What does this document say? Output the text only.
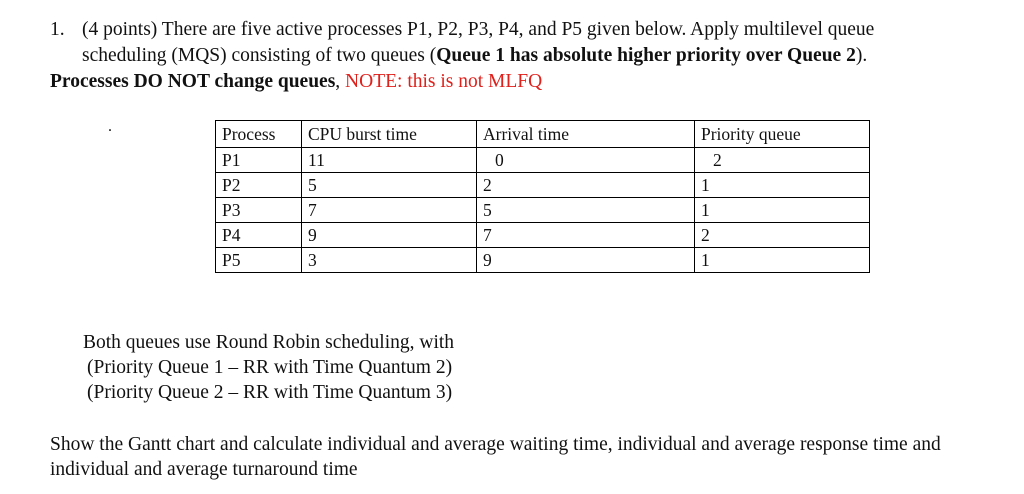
1. (4 points) There are five active processes P1, P2, P3, P4, and P5 given below. Apply multilevel queue
scheduling (MQS) consisting of two queues (Queue 1 has absolute higher priority over Queue 2).
Processes DO NOT change queues, NOTE: this is not MLFQ
.	Process	CPU burst time	Arrival time	Priority queue
P1	11	0	2
P2	5	2	1
P3	7	5	1
P4	9	7	2
P5	3	9	1
Both queues use Round Robin scheduling, with
(Priority Queue 1 – RR with Time Quantum 2)
(Priority Queue 2 – RR with Time Quantum 3)
Show the Gantt chart and calculate individual and average waiting time, individual and average response time and individual and average turnaround time
